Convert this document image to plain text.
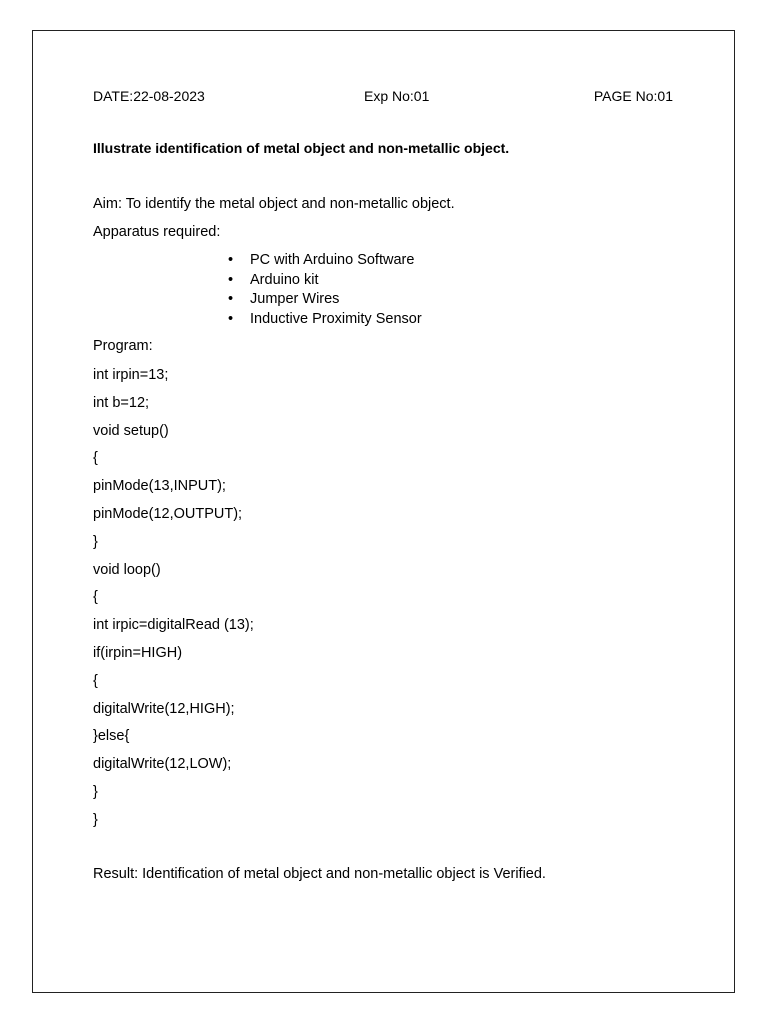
DATE:22-08-2023	Exp No:01	PAGE No:01
Illustrate identification of metal object and non-metallic object.
Aim: To identify the metal object and non-metallic object.
Apparatus required:
• PC with Arduino Software
• Arduino kit
• Jumper Wires
• Inductive Proximity Sensor
Program:
int irpin=13;
int b=12;
void setup()
{
pinMode(13,INPUT);
pinMode(12,OUTPUT);
}
void loop()
{
int irpic=digitalRead (13);
if(irpin=HIGH)
{
digitalWrite(12,HIGH);
}else{
digitalWrite(12,LOW);
}
}
Result: Identification of metal object and non-metallic object is Verified.
